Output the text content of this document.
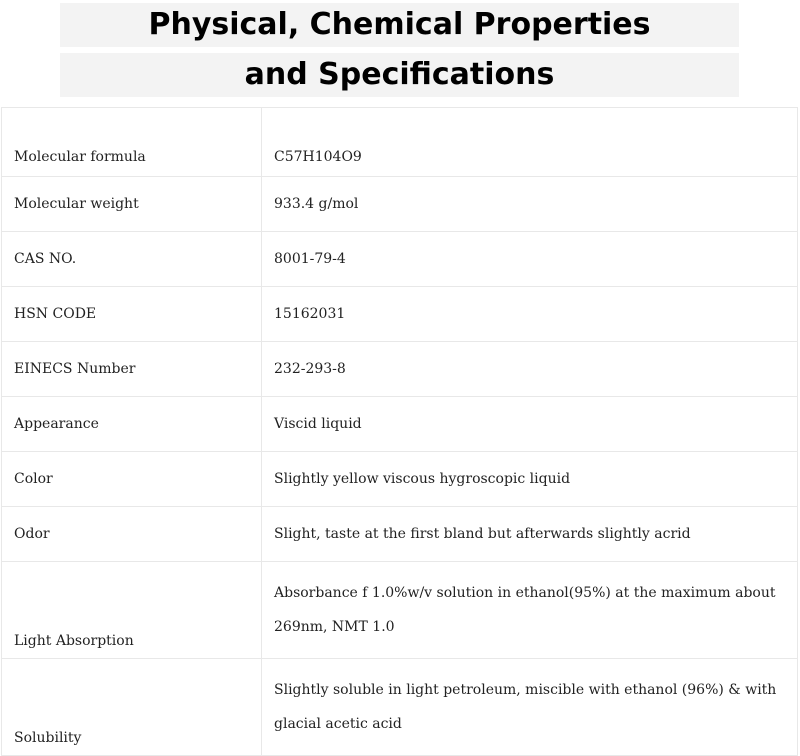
Physical, Chemical Properties
and Specifications
Molecular formula	C57H104O9
Molecular weight	933.4 g/mol
CAS NO.	8001-79-4
HSN CODE	15162031
EINECS Number	232-293-8
Appearance	Viscid liquid
Color	Slightly yellow viscous hygroscopic liquid
Odor	Slight, taste at the first bland but afterwards slightly acrid
Light Absorption	Absorbance f 1.0%w/v solution in ethanol(95%) at the maximum about 269nm, NMT 1.0
Solubility	Slightly soluble in light petroleum, miscible with ethanol (96%) & with glacial acetic acid
